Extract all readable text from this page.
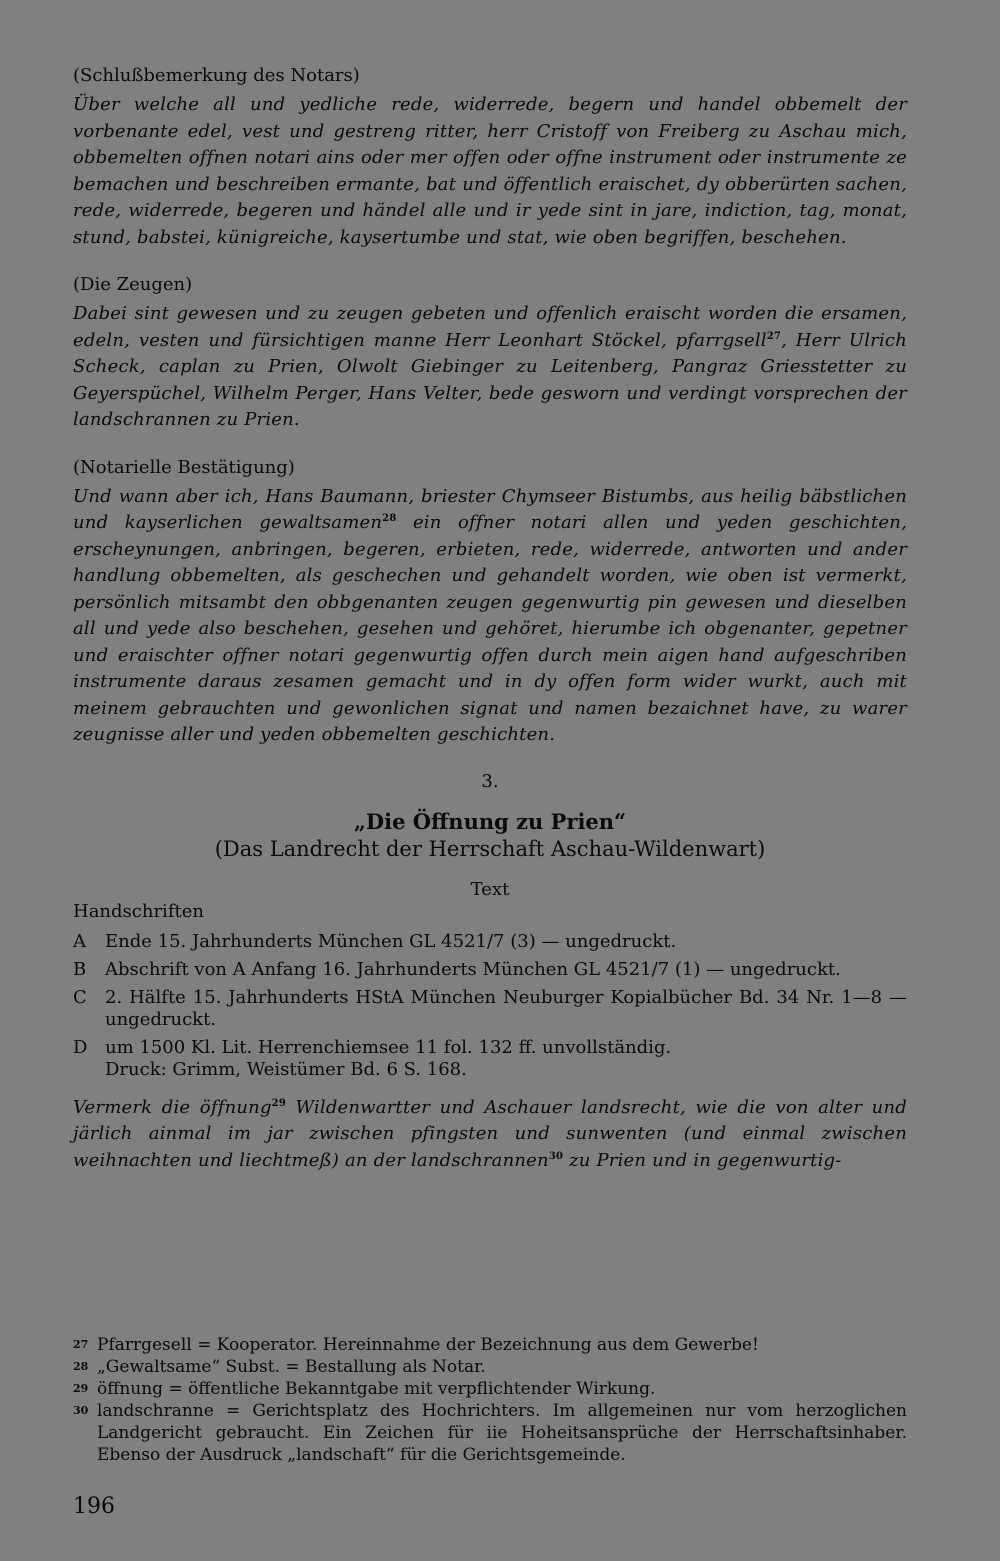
(Schlußbemerkung des Notars)

Über welche all und yedliche rede, widerrede, begern und handel obbemelt der vorbenante edel, vest und gestreng ritter, herr Cristoff von Freiberg zu Aschau mich, obbemelten offnen notari ains oder mer offen oder offne instrument oder instrumente ze bemachen und beschreiben ermante, bat und öffentlich eraischet, dy obberürten sachen, rede, widerrede, begeren und händel alle und ir yede sint in jare, indiction, tag, monat, stund, babstei, künigreiche, kaysertumbe und stat, wie oben begriffen, beschehen.

(Die Zeugen)

Dabei sint gewesen und zu zeugen gebeten und offenlich eraischt worden die ersamen, edeln, vesten und fürsichtigen manne Herr Leonhart Stöckel, pfarrgsell$^{27}$, Herr Ulrich Scheck, caplan zu Prien, Olwolt Giebinger zu Leitenberg, Pangraz Griesstetter zu Geyerspüchel, Wilhelm Perger, Hans Velter, bede gesworn und verdingt vorsprechen der landschrannen zu Prien.

(Notarielle Bestätigung)

Und wann aber ich, Hans Baumann, briester Chymseer Bistumbs, aus heilig bäbstlichen und kayserlichen gewaltsamen$^{28}$ ein offner notari allen und yeden geschichten, erscheynungen, anbringen, begeren, erbieten, rede, widerrede, antworten und ander handlung obbemelten, als geschechen und gehandelt worden, wie oben ist vermerkt, persönlich mitsambt den obbgenanten zeugen gegenwurtig pin gewesen und dieselben all und yede also beschehen, gesehen und gehöret, hierumbe ich obgenanter, gepetner und eraischter offner notari gegenwurtig offen durch mein aigen hand aufgeschriben instrumente daraus zesamen gemacht und in dy offen form wider wurkt, auch mit meinem gebrauchten und gewonlichen signat und namen bezaichnet have, zu warer zeugnisse aller und yeden obbemelten geschichten.

3.
„Die Öffnung zu Prien“
(Das Landrecht der Herrschaft Aschau-Wildenwart)
Text
Handschriften
A	Ende 15. Jahrhunderts München GL 4521/7 (3) — ungedruckt.
B	Abschrift von A Anfang 16. Jahrhunderts München GL 4521/7 (1) — ungedruckt.
C	2. Hälfte 15. Jahrhunderts HStA München Neuburger Kopialbücher Bd. 34 Nr. 1—8 — ungedruckt.
D um 1500 Kl. Lit. Herrenchiemsee 11 fol. 132 ff. unvollständig.
Druck: Grimm, Weistümer Bd. 6 S. 168.

Vermerk die öffnung$^{29}$ Wildenwartter und Aschauer landsrecht, wie die von alter und järlich ainmal im jar zwischen pfingsten und sunwenten (und einmal zwischen weihnachten und liechtmeß) an der landschrannen$^{30}$ zu Prien und in gegenwurtig-

27 Pfarrgesell = Kooperator. Hereinnahme der Bezeichnung aus dem Gewerbe!
28 „Gewaltsame“ Subst. = Bestallung als Notar.
29 öffnung = öffentliche Bekanntgabe mit verpflichtender Wirkung.
30 landschranne = Gerichtsplatz des Hochrichters. Im allgemeinen nur vom herzoglichen Landgericht gebraucht. Ein Zeichen für iie Hoheitsansprüche der Herrschaftsinhaber. Ebenso der Ausdruck „landschaft“ für die Gerichtsgemeinde.
196
